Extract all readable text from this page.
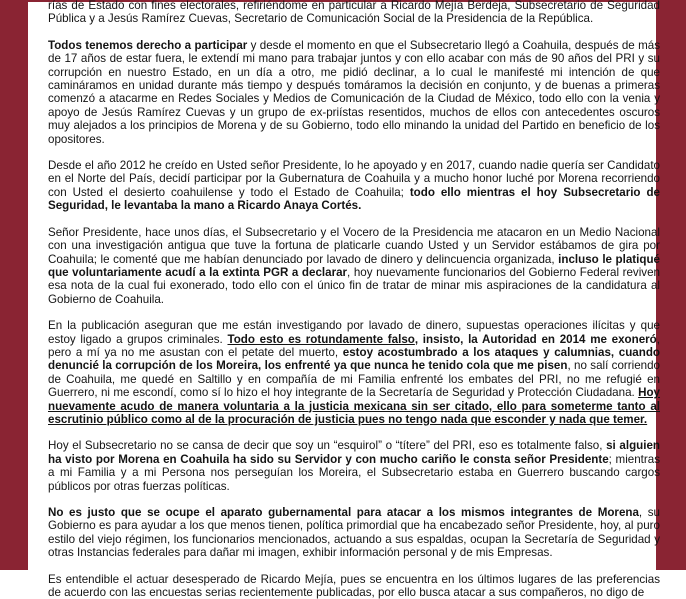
rías de Estado con fines electorales, refiriéndome en particular a Ricardo Mejía Berdeja, Subsecretario de Seguridad Pública y a Jesús Ramírez Cuevas, Secretario de Comunicación Social de la Presidencia de la República.

Todos tenemos derecho a participar y desde el momento en que el Subsecretario llegó a Coahuila, después de más de 17 años de estar fuera, le extendí mi mano para trabajar juntos y con ello acabar con más de 90 años del PRI y su corrupción en nuestro Estado, en un día a otro, me pidió declinar, a lo cual le manifesté mi intención de que camináramos en unidad durante más tiempo y después tomáramos la decisión en conjunto, y de buenas a primeras comenzó a atacarme en Redes Sociales y Medios de Comunicación de la Ciudad de México, todo ello con la venia y apoyo de Jesús Ramírez Cuevas y un grupo de ex-priístas resentidos, muchos de ellos con antecedentes oscuros muy alejados a los principios de Morena y de su Gobierno, todo ello minando la unidad del Partido en beneficio de los opositores.

Desde el año 2012 he creído en Usted señor Presidente, lo he apoyado y en 2017, cuando nadie quería ser Candidato en el Norte del País, decidí participar por la Gubernatura de Coahuila y a mucho honor luché por Morena recorriendo con Usted el desierto coahuilense y todo el Estado de Coahuila; todo ello mientras el hoy Subsecretario de Seguridad, le levantaba la mano a Ricardo Anaya Cortés.

Señor Presidente, hace unos días, el Subsecretario y el Vocero de la Presidencia me atacaron en un Medio Nacional con una investigación antigua que tuve la fortuna de platicarle cuando Usted y un Servidor estábamos de gira por Coahuila; le comenté que me habían denunciado por lavado de dinero y delincuencia organizada, incluso le platiqué que voluntariamente acudí a la extinta PGR a declarar, hoy nuevamente funcionarios del Gobierno Federal reviven esa nota de la cual fui exonerado, todo ello con el único fin de tratar de minar mis aspiraciones de la candidatura al Gobierno de Coahuila.

En la publicación aseguran que me están investigando por lavado de dinero, supuestas operaciones ilícitas y que estoy ligado a grupos criminales. Todo esto es rotundamente falso, insisto, la Autoridad en 2014 me exoneró, pero a mí ya no me asustan con el petate del muerto, estoy acostumbrado a los ataques y calumnias, cuando denuncié la corrupción de los Moreira, los enfrenté ya que nunca he tenido cola que me pisen, no salí corriendo de Coahuila, me quedé en Saltillo y en compañía de mi Familia enfrenté los embates del PRI, no me refugié en Guerrero, ni me escondí, como sí lo hizo el hoy integrante de la Secretaría de Seguridad y Protección Ciudadana. Hoy nuevamente acudo de manera voluntaria a la justicia mexicana sin ser citado, ello para someterme tanto al escrutinio público como al de la procuración de justicia pues no tengo nada que esconder y nada que temer.

Hoy el Subsecretario no se cansa de decir que soy un “esquirol” o “títere” del PRI, eso es totalmente falso, si alguien ha visto por Morena en Coahuila ha sido su Servidor y con mucho cariño le consta señor Presidente; mientras a mi Familia y a mi Persona nos perseguían los Moreira, el Subsecretario estaba en Guerrero buscando cargos públicos por otras fuerzas políticas.

No es justo que se ocupe el aparato gubernamental para atacar a los mismos integrantes de Morena, su Gobierno es para ayudar a los que menos tienen, política primordial que ha encabezado señor Presidente, hoy, al puro estilo del viejo régimen, los funcionarios mencionados, actuando a sus espaldas, ocupan la Secretaría de Seguridad y otras Instancias federales para dañar mi imagen, exhibir información personal y de mis Empresas.

Es entendible el actuar desesperado de Ricardo Mejía, pues se encuentra en los últimos lugares de las preferencias de acuerdo con las encuestas serias recientemente publicadas, por ello busca atacar a sus compañeros, no digo de
